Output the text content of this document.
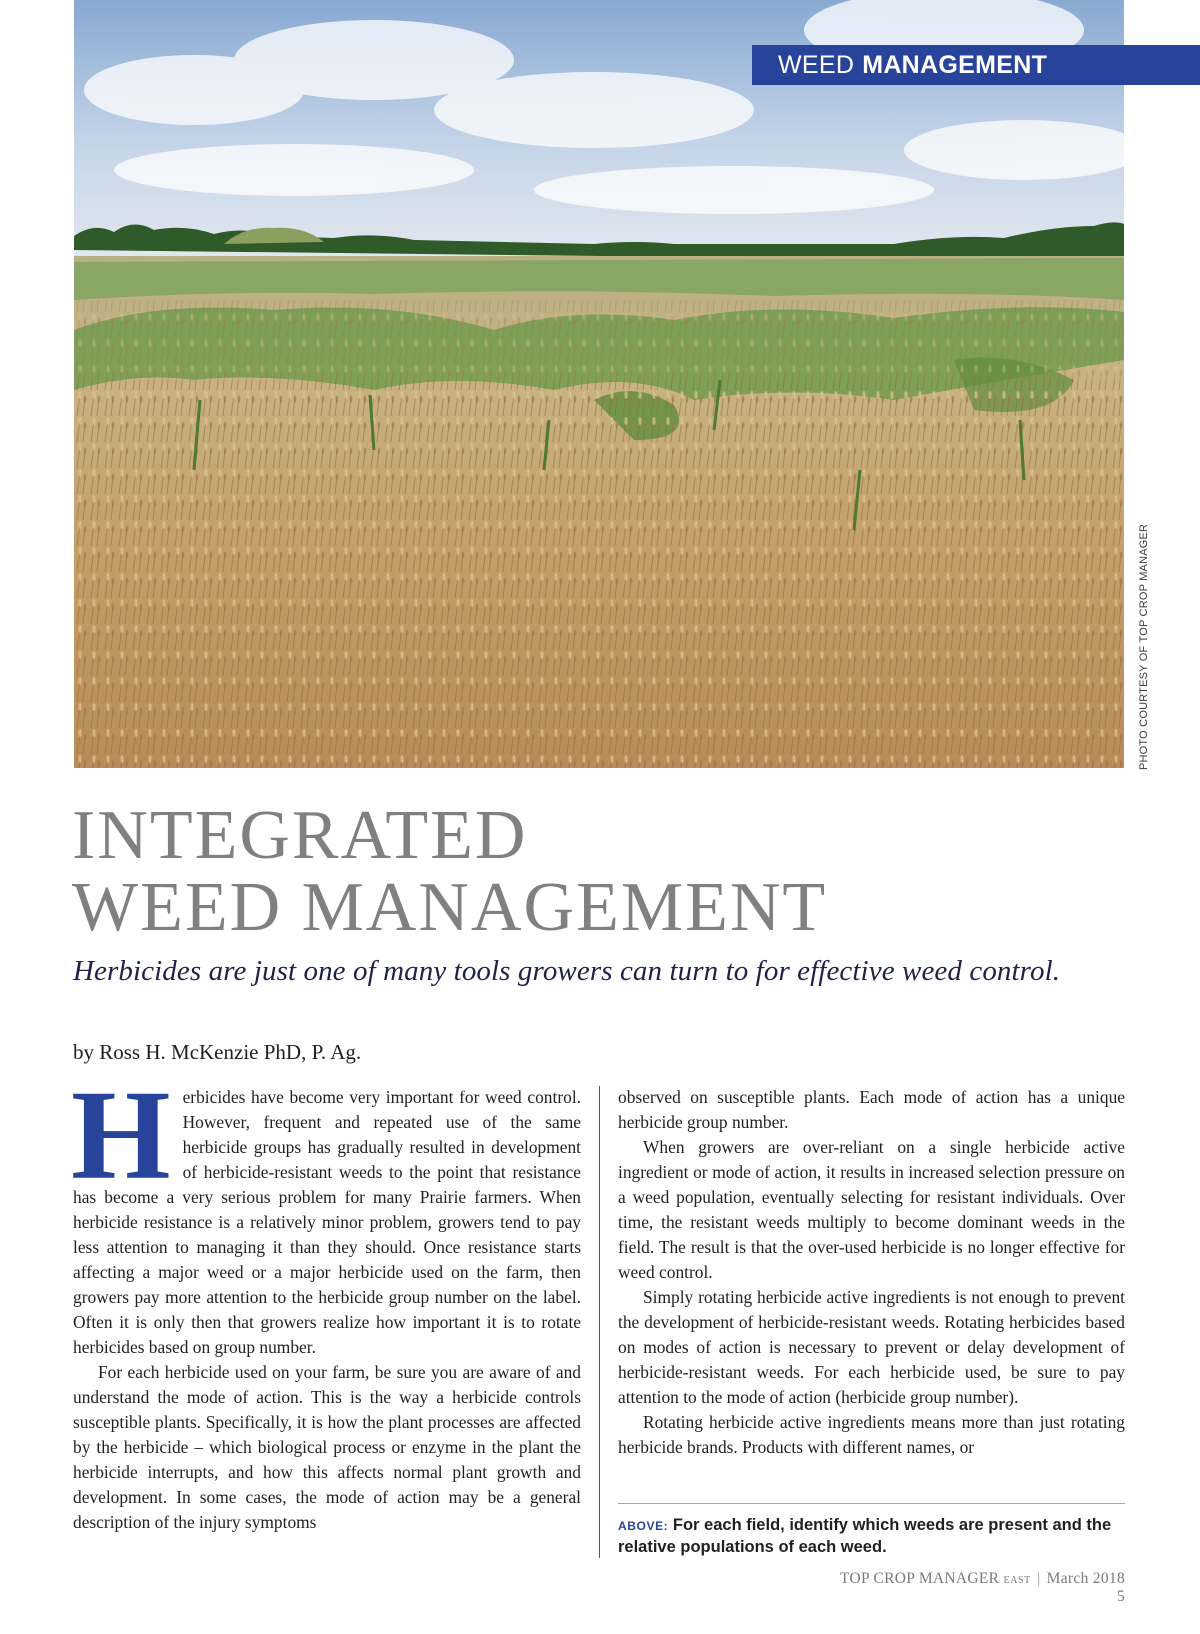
WEED MANAGEMENT
PHOTO COURTESY OF TOP CROP MANAGER
INTEGRATED
WEED MANAGEMENT

Herbicides are just one of many tools growers can turn to for effective weed control.

by Ross H. McKenzie PhD, P. Ag.

Herbicides have become very important for weed control. However, frequent and repeated use of the same herbicide groups has gradually resulted in development of herbicide-resistant weeds to the point that resistance has become a very serious problem for many Prairie farmers. When herbicide resistance is a relatively minor problem, growers tend to pay less attention to managing it than they should. Once resistance starts affecting a major weed or a major herbicide used on the farm, then growers pay more attention to the herbicide group number on the label. Often it is only then that growers realize how important it is to rotate herbicides based on group number.

For each herbicide used on your farm, be sure you are aware of and understand the mode of action. This is the way a herbicide controls susceptible plants. Specifically, it is how the plant processes are affected by the herbicide – which biological process or enzyme in the plant the herbicide interrupts, and how this affects normal plant growth and development. In some cases, the mode of action may be a general description of the injury symptoms

observed on susceptible plants. Each mode of action has a unique herbicide group number.

When growers are over-reliant on a single herbicide active ingredient or mode of action, it results in increased selection pressure on a weed population, eventually selecting for resistant individuals. Over time, the resistant weeds multiply to become dominant weeds in the field. The result is that the over-used herbicide is no longer effective for weed control.

Simply rotating herbicide active ingredients is not enough to prevent the development of herbicide-resistant weeds. Rotating herbicides based on modes of action is necessary to prevent or delay development of herbicide-resistant weeds. For each herbicide used, be sure to pay attention to the mode of action (herbicide group number).

Rotating herbicide active ingredients means more than just rotating herbicide brands. Products with different names, or

ABOVE: For each field, identify which weeds are present and the relative populations of each weed.
TOP CROP MANAGER EAST | March 2018 5
